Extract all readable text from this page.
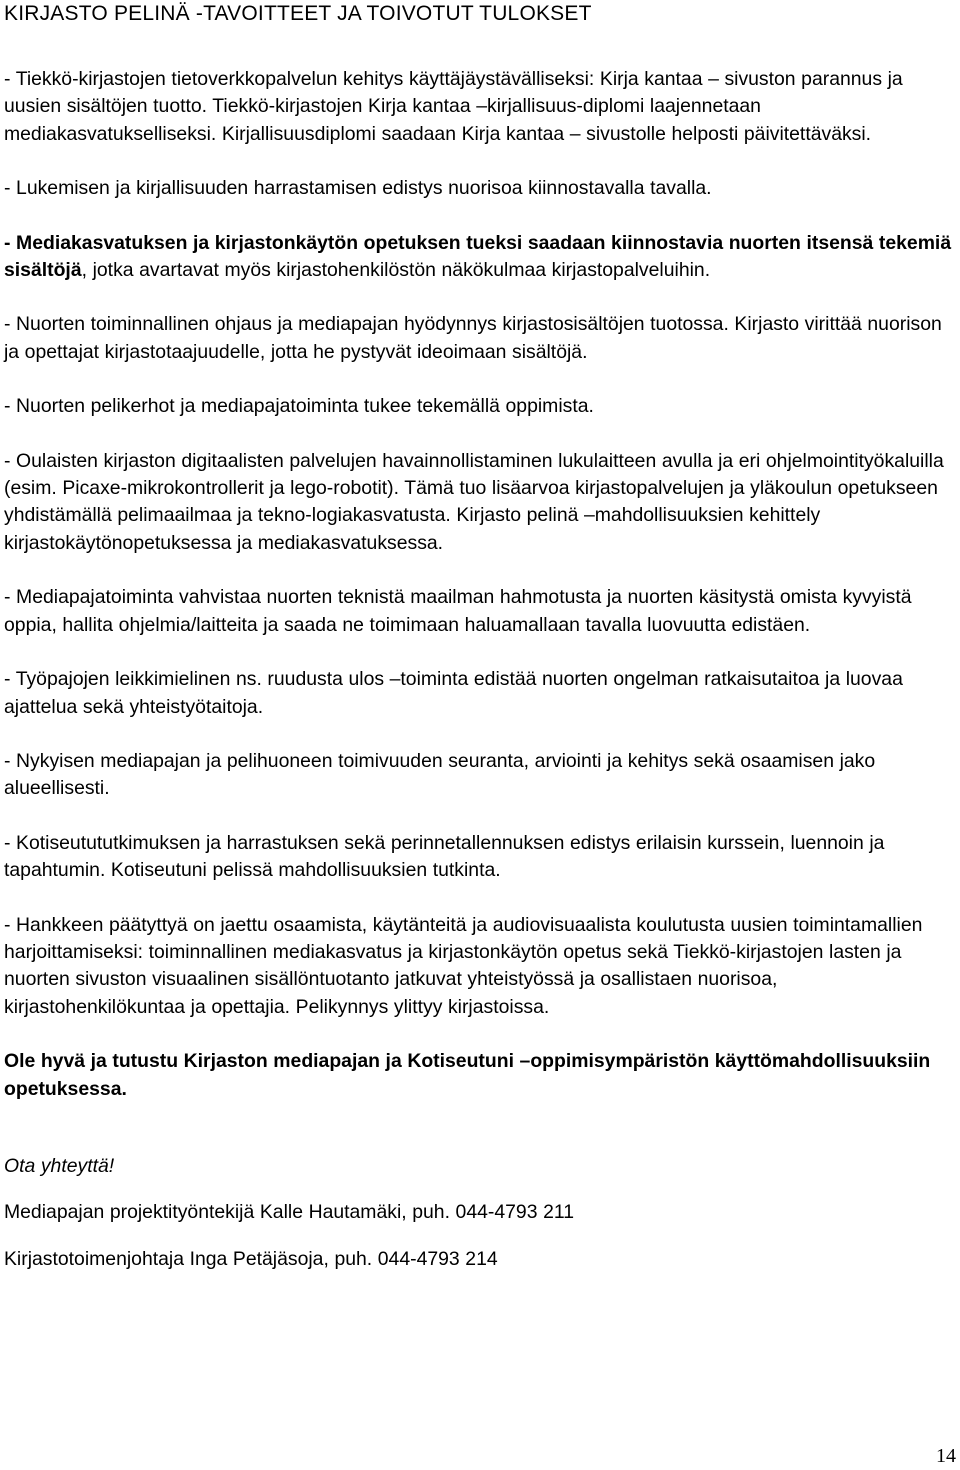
KIRJASTO PELINÄ -TAVOITTEET JA TOIVOTUT TULOKSET

- Tiekkö-kirjastojen tietoverkkopalvelun kehitys käyttäjäystävälliseksi: Kirja kantaa – sivuston parannus ja uusien sisältöjen tuotto. Tiekkö-kirjastojen Kirja kantaa –kirjallisuus-diplomi laajennetaan mediakasvatukselliseksi. Kirjallisuusdiplomi saadaan Kirja kantaa – sivustolle helposti päivitettäväksi.

- Lukemisen ja kirjallisuuden harrastamisen edistys nuorisoa kiinnostavalla tavalla.

- Mediakasvatuksen ja kirjastonkäytön opetuksen tueksi saadaan kiinnostavia nuorten itsensä tekemiä sisältöjä, jotka avartavat myös kirjastohenkilöstön näkökulmaa kirjastopalveluihin.

- Nuorten toiminnallinen ohjaus ja mediapajan hyödynnys kirjastosisältöjen tuotossa. Kirjasto virittää nuorison ja opettajat kirjastotaajuudelle, jotta he pystyvät ideoimaan sisältöjä.

- Nuorten pelikerhot ja mediapajatoiminta tukee tekemällä oppimista.

- Oulaisten kirjaston digitaalisten palvelujen havainnollistaminen lukulaitteen avulla ja eri ohjelmointityökaluilla (esim. Picaxe-mikrokontrollerit ja lego-robotit). Tämä tuo lisäarvoa kirjastopalvelujen ja yläkoulun opetukseen yhdistämällä pelimaailmaa ja tekno-logiakasvatusta. Kirjasto pelinä –mahdollisuuksien kehittely kirjastokäytönopetuksessa ja mediakasvatuksessa.

- Mediapajatoiminta vahvistaa nuorten teknistä maailman hahmotusta ja nuorten käsitystä omista kyvyistä oppia, hallita ohjelmia/laitteita ja saada ne toimimaan haluamallaan tavalla luovuutta edistäen.

- Työpajojen leikkimielinen ns. ruudusta ulos –toiminta edistää nuorten ongelman ratkaisutaitoa ja luovaa ajattelua sekä yhteistyötaitoja.

- Nykyisen mediapajan ja pelihuoneen toimivuuden seuranta, arviointi ja kehitys sekä osaamisen jako alueellisesti.

- Kotiseutututkimuksen ja harrastuksen sekä perinnetallennuksen edistys erilaisin kurssein, luennoin ja tapahtumin. Kotiseutuni pelissä mahdollisuuksien tutkinta.

- Hankkeen päätyttyä on jaettu osaamista, käytänteitä ja audiovisuaalista koulutusta uusien toimintamallien harjoittamiseksi: toiminnallinen mediakasvatus ja kirjastonkäytön opetus sekä Tiekkö-kirjastojen lasten ja nuorten sivuston visuaalinen sisällöntuotanto jatkuvat yhteistyössä ja osallistaen nuorisoa, kirjastohenkilökuntaa ja opettajia. Pelikynnys ylittyy kirjastoissa.

Ole hyvä ja tutustu Kirjaston mediapajan ja Kotiseutuni –oppimisympäristön käyttömahdollisuuksiin opetuksessa.

Ota yhteyttä!

Mediapajan projektityöntekijä Kalle Hautamäki, puh. 044-4793 211

Kirjastotoimenjohtaja Inga Petäjäsoja, puh. 044-4793 214

14
